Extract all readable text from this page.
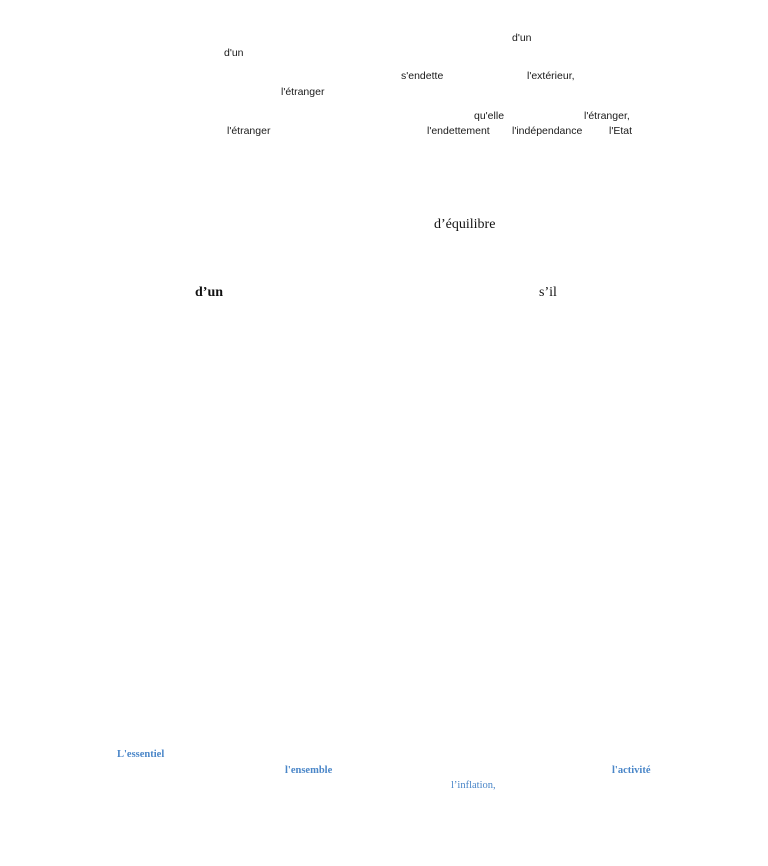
d'un
d'un
s'endette	l'extérieur,
l'étranger
qu'elle	l'étranger,
l'étranger	l'endettement l'indépendance	l'Etat
d’équilibre
d’un	s’il
L'essentiel
l'ensemble	l'activité
l’inflation,
